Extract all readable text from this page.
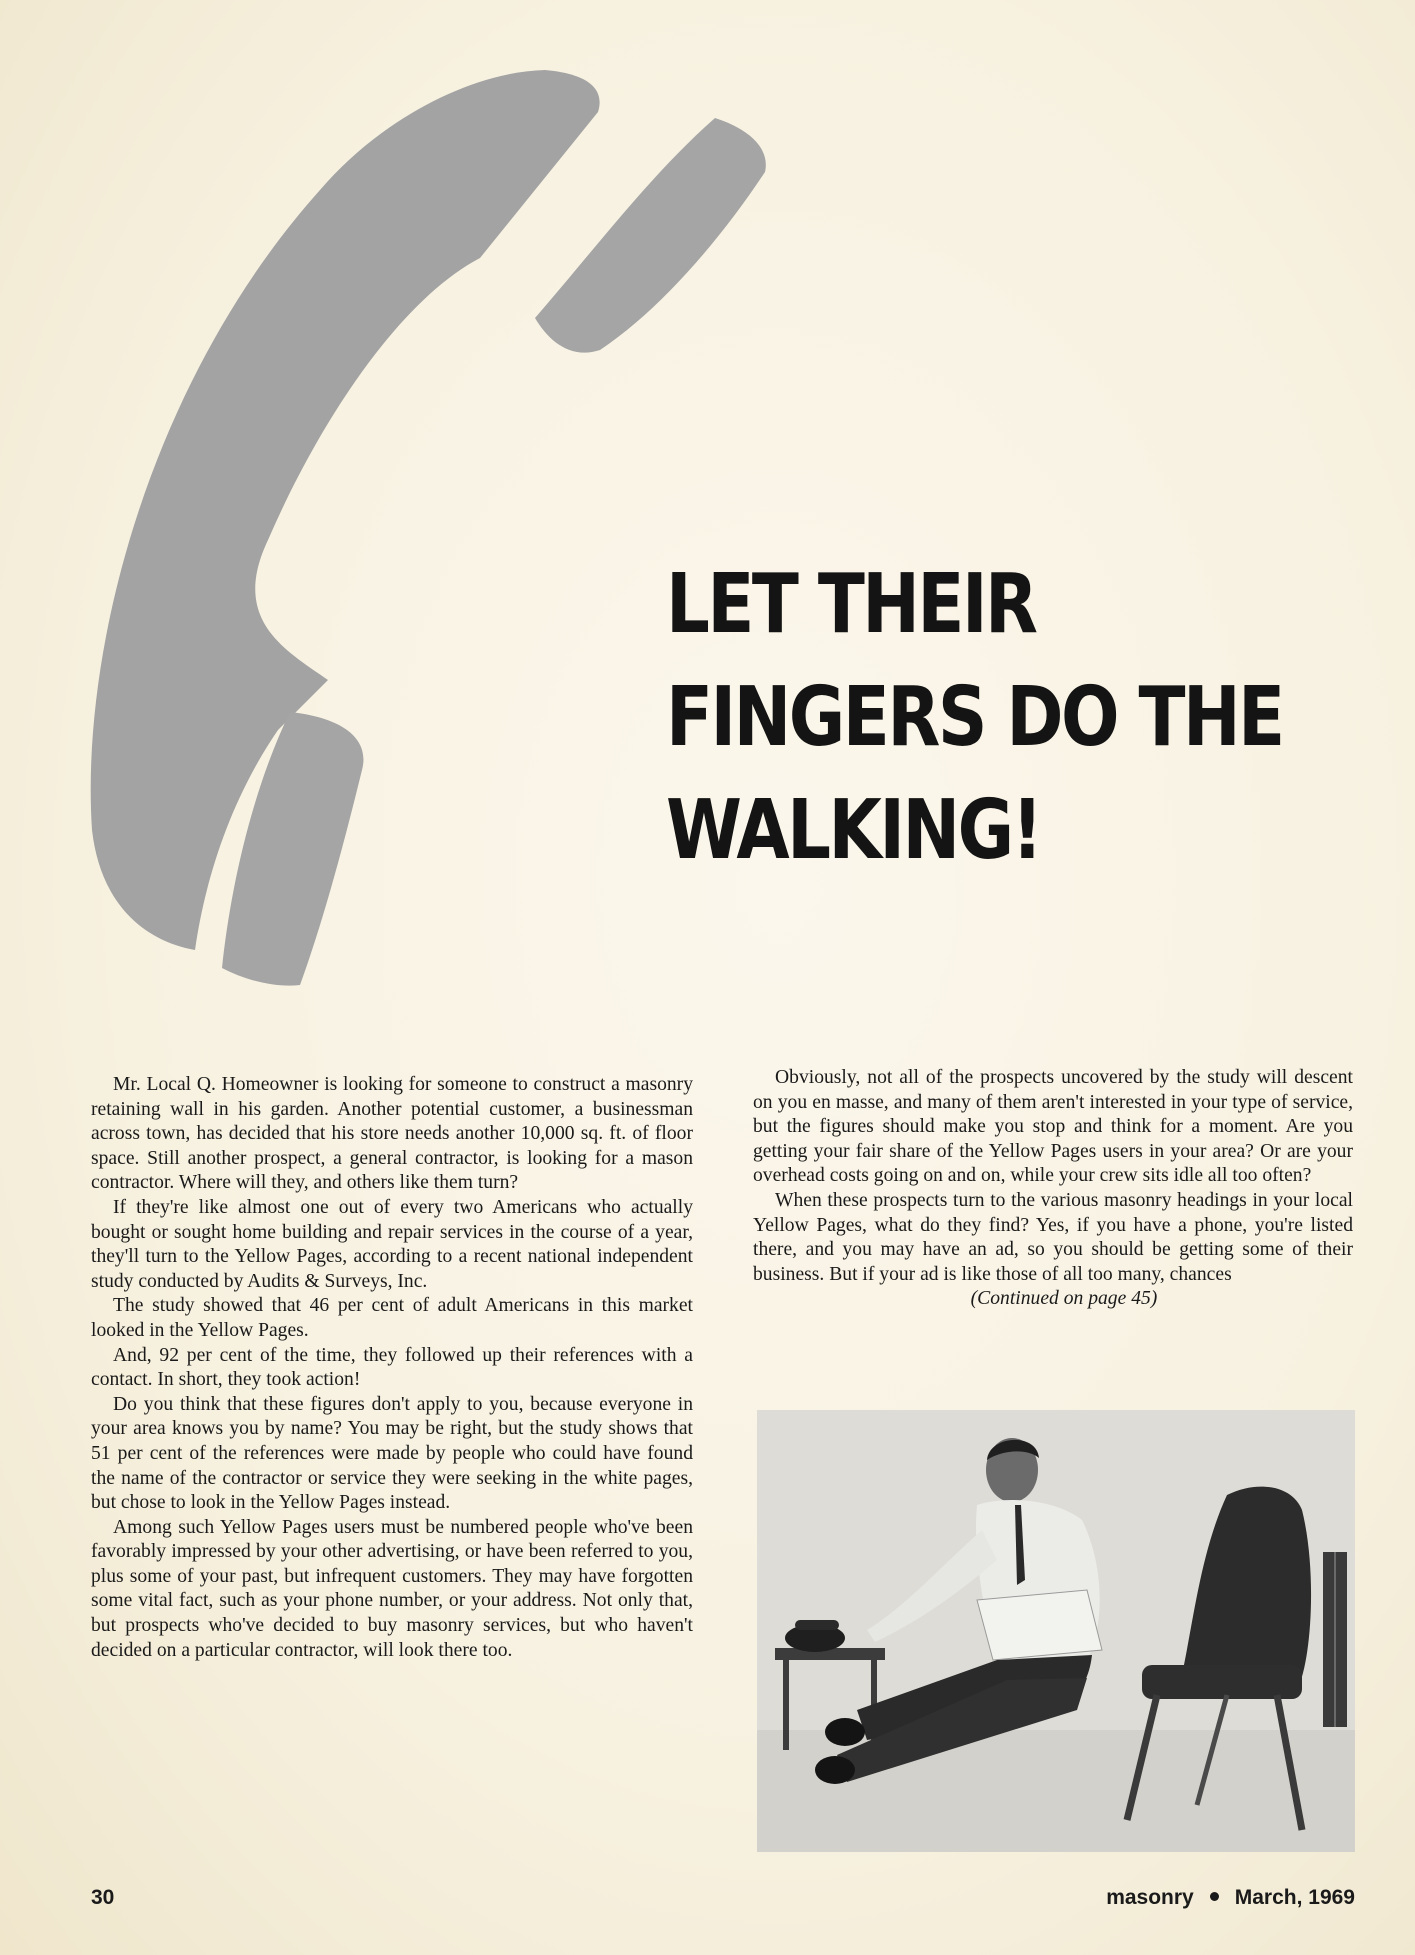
LET THEIR
FINGERS DO THE
WALKING!

Mr. Local Q. Homeowner is looking for someone to construct a masonry retaining wall in his garden. Another potential customer, a businessman across town, has decided that his store needs another 10,000 sq. ft. of floor space. Still another prospect, a general contractor, is looking for a mason contractor. Where will they, and others like them turn?

If they're like almost one out of every two Americans who actually bought or sought home building and repair services in the course of a year, they'll turn to the Yellow Pages, according to a recent national independent study conducted by Audits & Surveys, Inc.

The study showed that 46 per cent of adult Americans in this market looked in the Yellow Pages.

And, 92 per cent of the time, they followed up their references with a contact. In short, they took action!

Do you think that these figures don't apply to you, because everyone in your area knows you by name? You may be right, but the study shows that 51 per cent of the references were made by people who could have found the name of the contractor or service they were seeking in the white pages, but chose to look in the Yellow Pages instead.

Among such Yellow Pages users must be numbered people who've been favorably impressed by your other advertising, or have been referred to you, plus some of your past, but infrequent customers. They may have forgotten some vital fact, such as your phone number, or your address. Not only that, but prospects who've decided to buy masonry services, but who haven't decided on a particular contractor, will look there too.

Obviously, not all of the prospects uncovered by the study will descent on you en masse, and many of them aren't interested in your type of service, but the figures should make you stop and think for a moment. Are you getting your fair share of the Yellow Pages users in your area? Or are your overhead costs going on and on, while your crew sits idle all too often?

When these prospects turn to the various masonry headings in your local Yellow Pages, what do they find? Yes, if you have a phone, you're listed there, and you may have an ad, so you should be getting some of their business. But if your ad is like those of all too many, chances

(Continued on page 45)

30	masonry March, 1969
